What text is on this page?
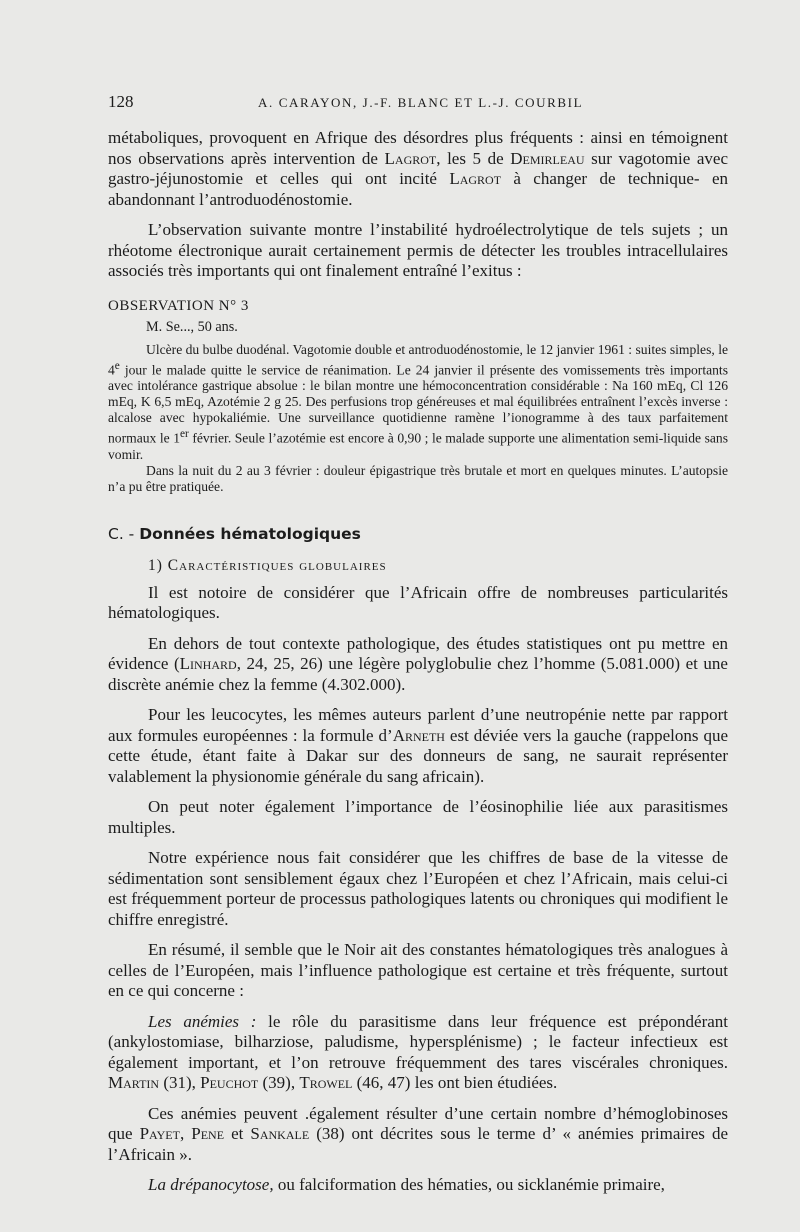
128	A. CARAYON, J.-F. BLANC ET L.-J. COURBIL

métaboliques, provoquent en Afrique des désordres plus fréquents : ainsi en témoignent nos observations après intervention de Lagrot, les 5 de Demirleau sur vagotomie avec gastro-jéjunostomie et celles qui ont incité Lagrot à changer de technique- en abandonnant l’antroduodénostomie.

L’observation suivante montre l’instabilité hydroélectrolytique de tels sujets ; un rhéotome électronique aurait certainement permis de détecter les troubles intracellulaires associés très importants qui ont finalement entraîné l’exitus :

OBSERVATION N° 3

M. Se..., 50 ans.

Ulcère du bulbe duodénal. Vagotomie double et antroduodénostomie, le 12 janvier 1961 : suites simples, le 4e jour le malade quitte le service de réanimation. Le 24 janvier il présente des vomissements très importants avec intolérance gastrique absolue : le bilan montre une hémoconcentration considérable : Na 160 mEq, Cl 126 mEq, K 6,5 mEq, Azotémie 2 g 25. Des perfusions trop généreuses et mal équilibrées entraînent l’excès inverse : alcalose avec hypokaliémie. Une surveillance quotidienne ramène l’ionogramme à des taux parfaitement normaux le 1er février. Seule l’azotémie est encore à 0,90 ; le malade supporte une alimentation semi-liquide sans vomir.

Dans la nuit du 2 au 3 février : douleur épigastrique très brutale et mort en quelques minutes. L’autopsie n’a pu être pratiquée.

C. - Données hématologiques

1) Caractéristiques globulaires

Il est notoire de considérer que l’Africain offre de nombreuses particularités hématologiques.

En dehors de tout contexte pathologique, des études statistiques ont pu mettre en évidence (Linhard, 24, 25, 26) une légère polyglobulie chez l’homme (5.081.000) et une discrète anémie chez la femme (4.302.000).

Pour les leucocytes, les mêmes auteurs parlent d’une neutropénie nette par rapport aux formules européennes : la formule d’Arneth est déviée vers la gauche (rappelons que cette étude, étant faite à Dakar sur des donneurs de sang, ne saurait représenter valablement la physionomie générale du sang africain).

On peut noter également l’importance de l’éosinophilie liée aux parasitismes multiples.

Notre expérience nous fait considérer que les chiffres de base de la vitesse de sédimentation sont sensiblement égaux chez l’Européen et chez l’Africain, mais celui-ci est fréquemment porteur de processus pathologiques latents ou chroniques qui modifient le chiffre enregistré.

En résumé, il semble que le Noir ait des constantes hématologiques très analogues à celles de l’Européen, mais l’influence pathologique est certaine et très fréquente, surtout en ce qui concerne :

Les anémies : le rôle du parasitisme dans leur fréquence est prépondérant (ankylostomiase, bilharziose, paludisme, hypersplénisme) ; le facteur infectieux est également important, et l’on retrouve fréquemment des tares viscérales chroniques. Martin (31), Peuchot (39), Trowel (46, 47) les ont bien étudiées.

Ces anémies peuvent .également résulter d’une certain nombre d’hémoglobinoses que Payet, Pene et Sankale (38) ont décrites sous le terme d’ « anémies primaires de l’Africain ».

La drépanocytose, ou falciformation des hématies, ou sicklanémie primaire,
